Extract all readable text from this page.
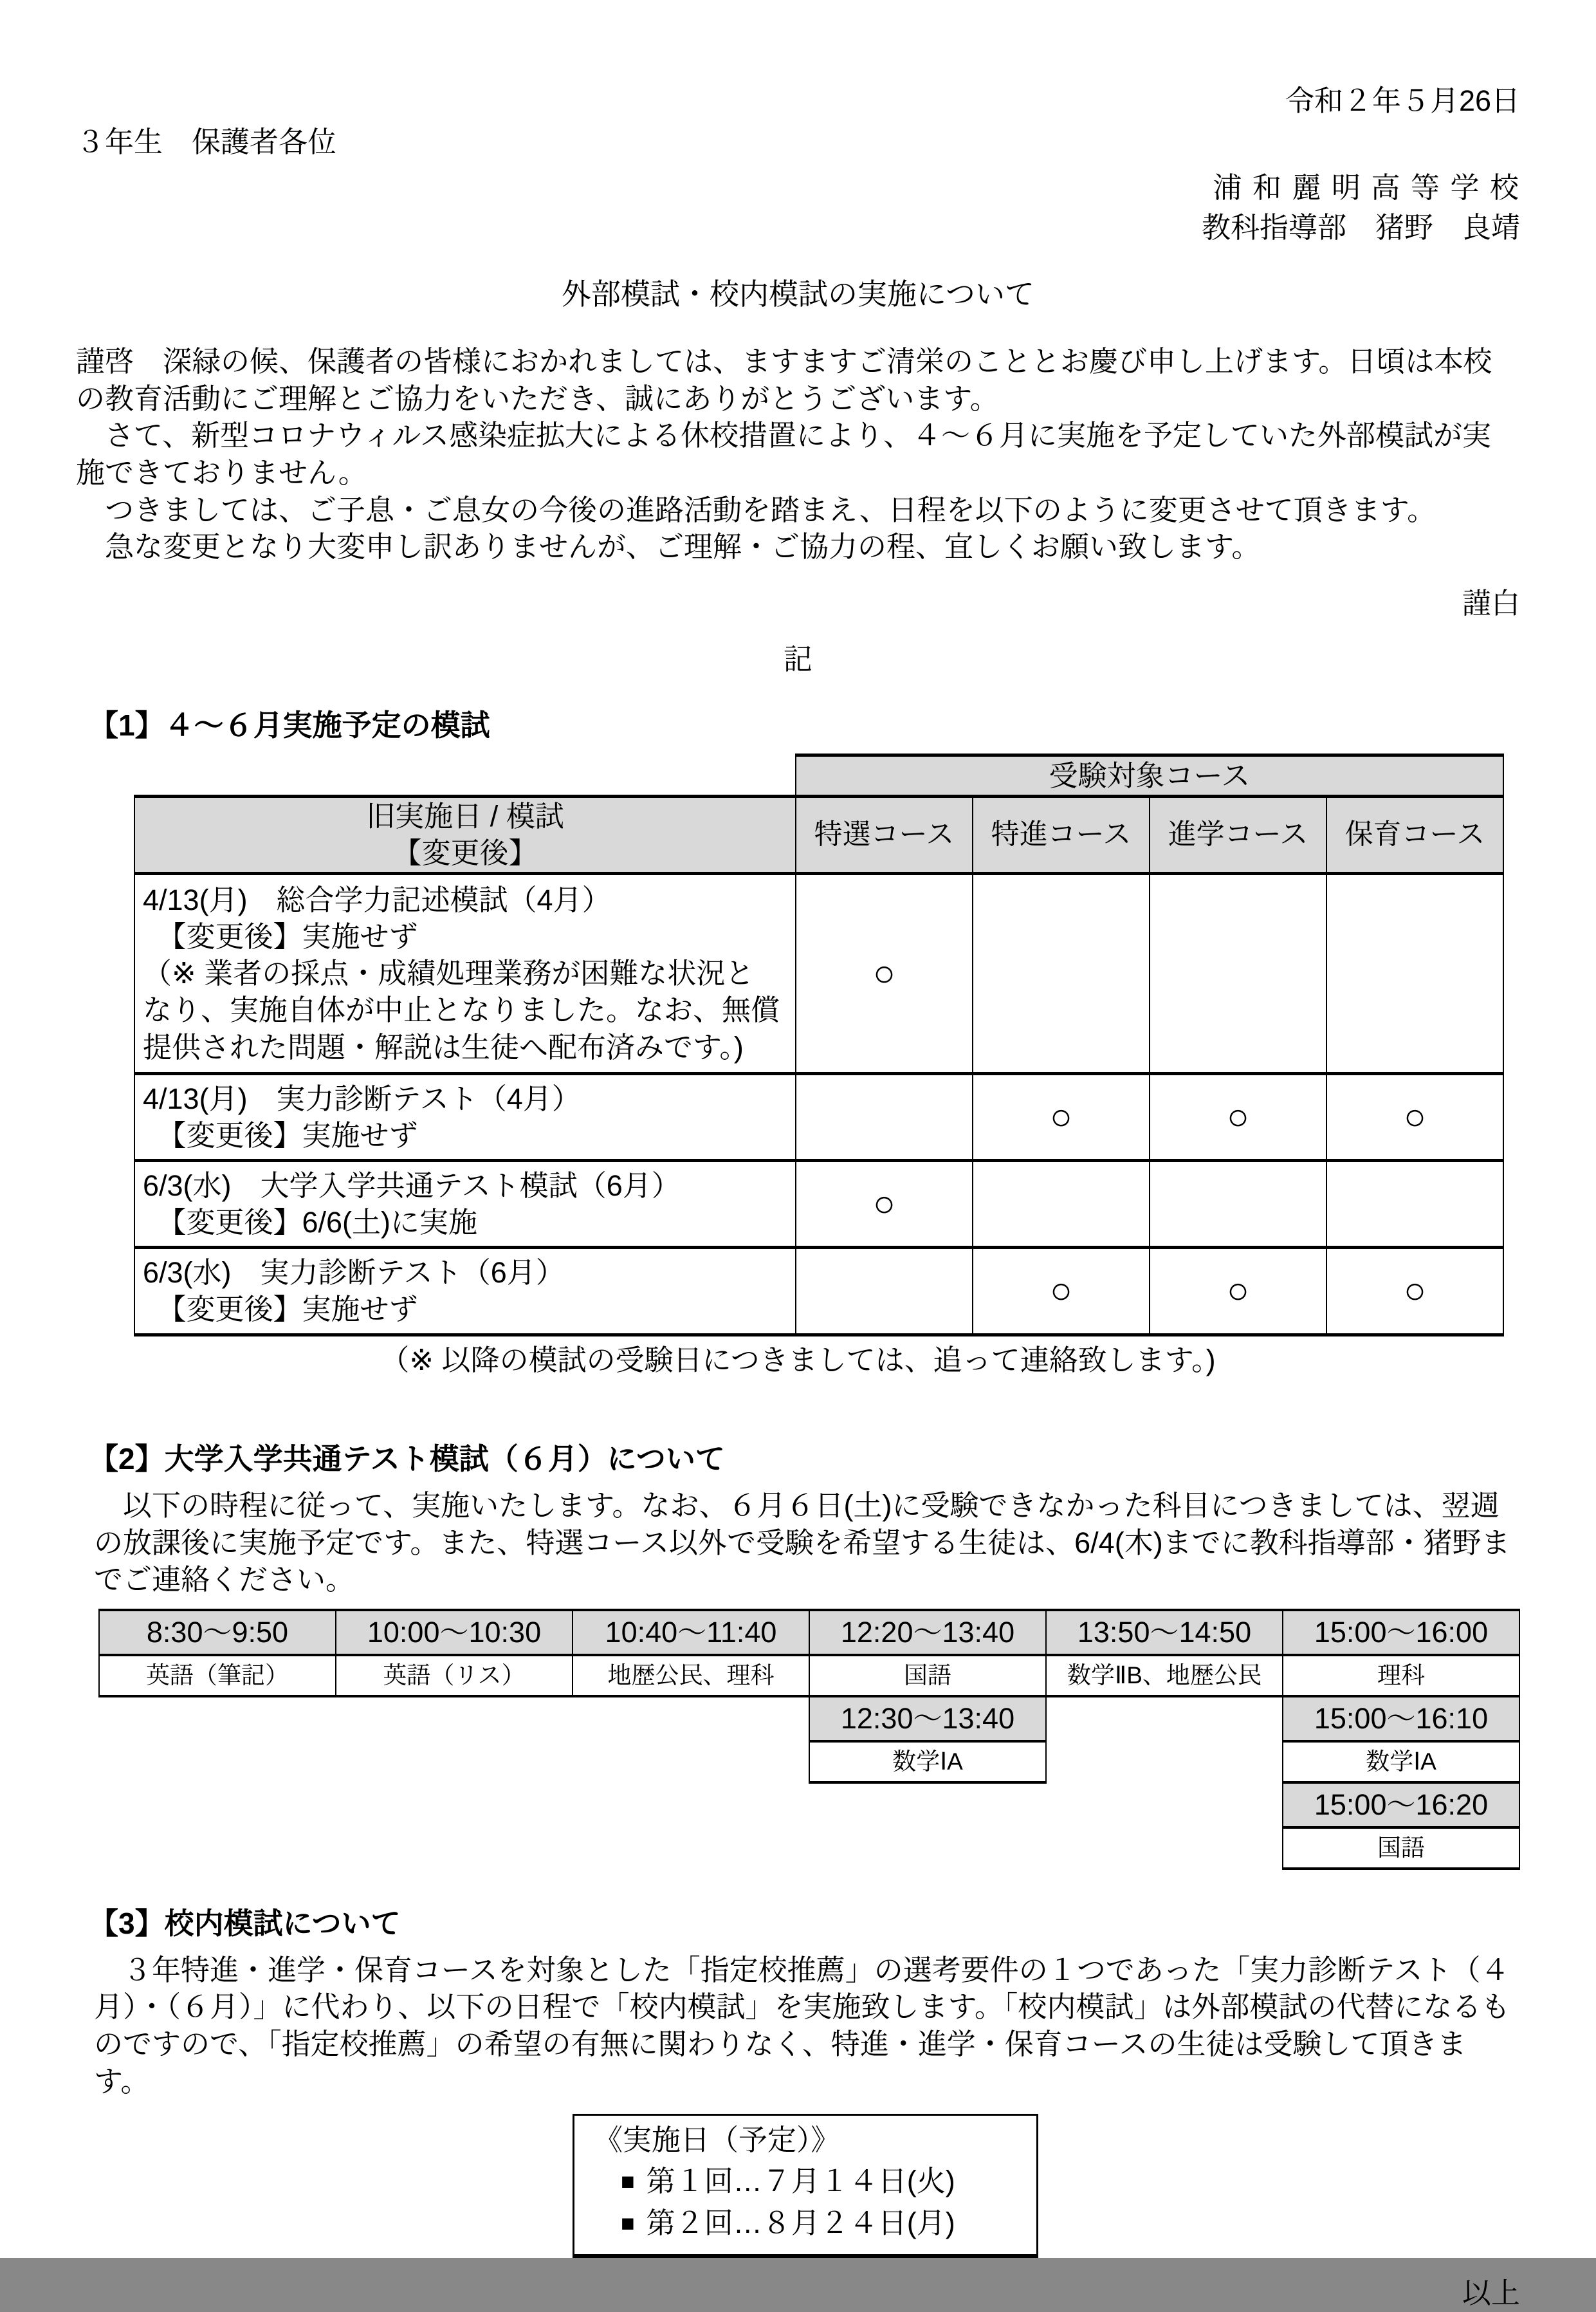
令和２年５月26日
３年生　保護者各位
浦 和 麗 明 高 等 学 校
教科指導部　猪野　良靖
外部模試・校内模試の実施について

謹啓　深緑の候、保護者の皆様におかれましては、ますますご清栄のこととお慶び申し上げます。日頃は本校の教育活動にご理解とご協力をいただき、誠にありがとうございます。

　さて、新型コロナウィルス感染症拡大による休校措置により、４～６月に実施を予定していた外部模試が実施できておりません。

　つきましては、ご子息・ご息女の今後の進路活動を踏まえ、日程を以下のように変更させて頂きます。

　急な変更となり大変申し訳ありませんが、ご理解・ご協力の程、宜しくお願い致します。

謹白
記
【1】４～６月実施予定の模試
	受験対象コース			

旧実施日 / 模試
【変更後】	特選コース	特進コース	進学コース	保育コース

4/13(月)　総合学力記述模試（4月）
　【変更後】実施せず
（※ 業者の採点・成績処理業務が困難な状況と
なり、実施自体が中止となりました。なお、無償
提供された問題・解説は生徒へ配布済みです。)	○			

4/13(月)　実力診断テスト（4月）
　【変更後】実施せず		○	○	○

6/3(水)　大学入学共通テスト模試（6月）
　【変更後】6/6(土)に実施	○			

6/3(水)　実力診断テスト（6月）
　【変更後】実施せず		○	○	○
（※ 以降の模試の受験日につきましては、追って連絡致します。)
【2】大学入学共通テスト模試（６月）について

　以下の時程に従って、実施いたします。なお、６月６日(土)に受験できなかった科目につきましては、翌週の放課後に実施予定です。また、特選コース以外で受験を希望する生徒は、6/4(木)までに教科指導部・猪野までご連絡ください。

8:30～9:50	10:00～10:30	10:40～11:40	12:20～13:40	13:50～14:50	15:00～16:00
英語（筆記）	英語（リス）	地歴公民、理科	国語	数学ⅡB、地歴公民	理科
			12:30～13:40		15:00～16:10
			数学ⅠA		数学ⅠA
					15:00～16:20
					国語
【3】校内模試について

　３年特進・進学・保育コースを対象とした「指定校推薦」の選考要件の１つであった「実力診断テスト（４月）・（６月）」に代わり、以下の日程で「校内模試」を実施致します。「校内模試」は外部模試の代替になるものですので、「指定校推薦」の希望の有無に関わりなく、特進・進学・保育コースの生徒は受験して頂きます。

《実施日（予定）》
■ 第１回…７月１４日(火)
■ 第２回…８月２４日(月)
以上
